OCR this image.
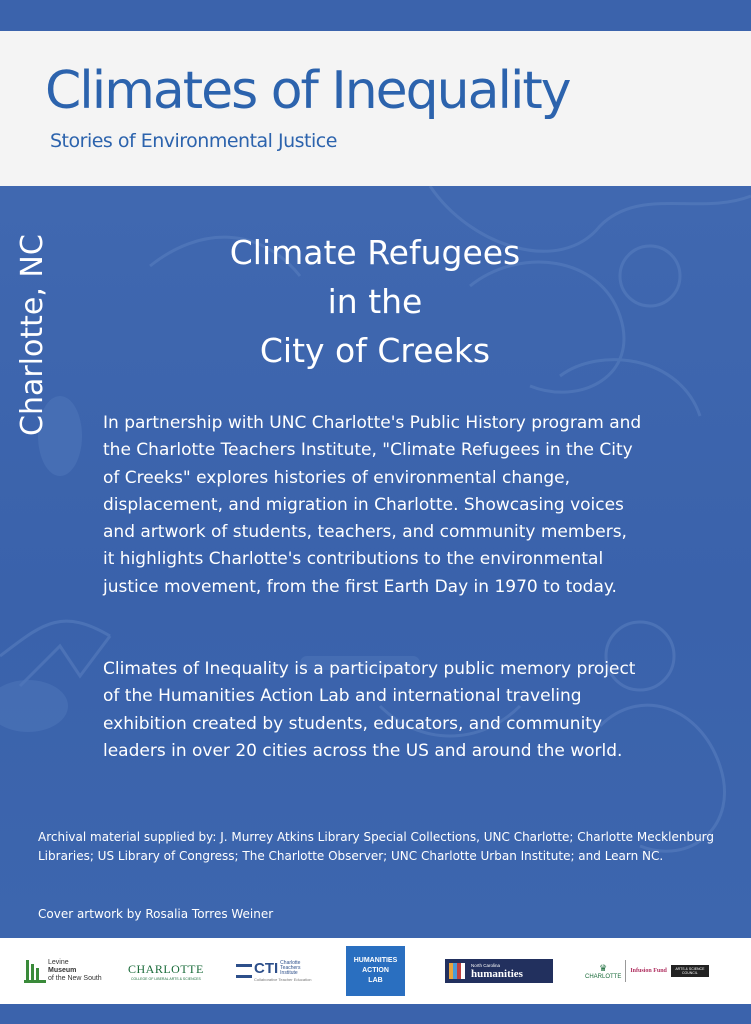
Climates of Inequality
Stories of Environmental Justice
Charlotte, NC	Climate Refugees
in the
City of Creeks

In partnership with UNC Charlotte's Public History program and the Charlotte Teachers Institute, "Climate Refugees in the City of Creeks" explores histories of environmental change, displacement, and migration in Charlotte. Showcasing voices and artwork of students, teachers, and community members, it highlights Charlotte's contributions to the environmental justice movement, from the first Earth Day in 1970 to today.

Climates of Inequality is a participatory public memory project of the Humanities Action Lab and international traveling exhibition created by students, educators, and community leaders in over 20 cities across the US and around the world.

Archival material supplied by: J. Murrey Atkins Library Special Collections, UNC Charlotte; Charlotte Mecklenburg Libraries; US Library of Congress; The Charlotte Observer; UNC Charlotte Urban Institute; and Learn NC.

Cover artwork by Rosalia Torres Weiner

Levine
Museum
of the New South
CHARLOTTE
COLLEGE OF LIBERAL ARTS & SCIENCES
CTI Charlotte
Teachers
Institute
Collaborative Teacher Education
HUMANITIES
ACTION
LAB
North Carolina
humanities	♛
CHARLOTTE
Infusion Fund	ARTS & SCIENCE COUNCIL
